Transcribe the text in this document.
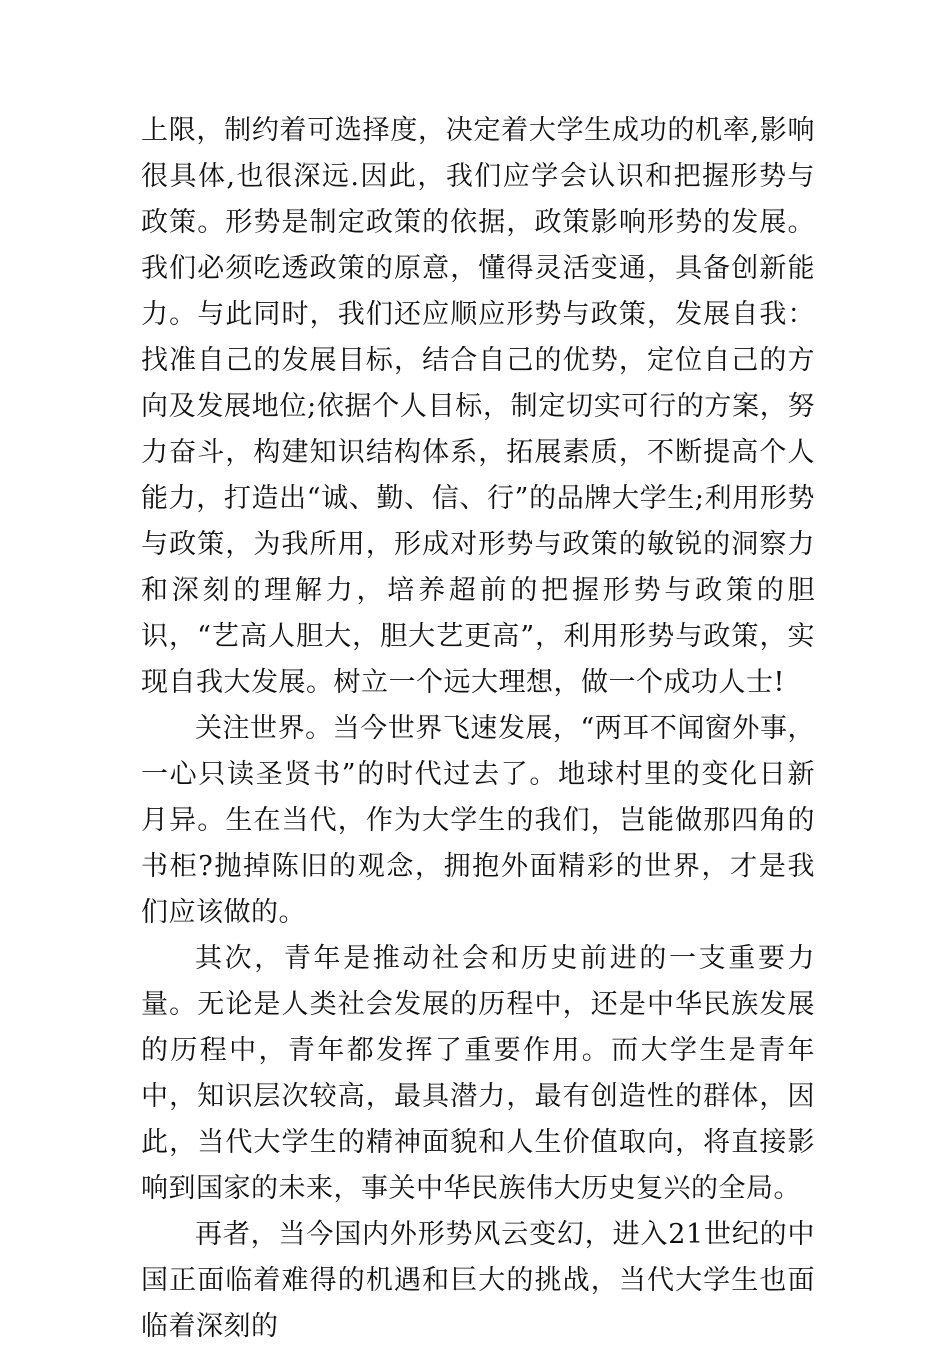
上限，制约着可选择度，决定着大学生成功的机率,影响很具体,也很深远.因此，我们应学会认识和把握形势与政策。形势是制定政策的依据，政策影响形势的发展。我们必须吃透政策的原意，懂得灵活变通，具备创新能力。与此同时，我们还应顺应形势与政策，发展自我：找准自己的发展目标，结合自己的优势，定位自己的方向及发展地位;依据个人目标，制定切实可行的方案，努力奋斗，构建知识结构体系，拓展素质，不断提高个人能力，打造出“诚、勤、信、行”的品牌大学生;利用形势与政策，为我所用，形成对形势与政策的敏锐的洞察力和深刻的理解力，培养超前的把握形势与政策的胆识，“艺高人胆大，胆大艺更高”，利用形势与政策，实现自我大发展。树立一个远大理想，做一个成功人士!

关注世界。当今世界飞速发展，“两耳不闻窗外事，一心只读圣贤书”的时代过去了。地球村里的变化日新月异。生在当代，作为大学生的我们，岂能做那四角的书柜?抛掉陈旧的观念，拥抱外面精彩的世界，才是我们应该做的。

其次，青年是推动社会和历史前进的一支重要力量。无论是人类社会发展的历程中，还是中华民族发展的历程中，青年都发挥了重要作用。而大学生是青年中，知识层次较高，最具潜力，最有创造性的群体，因此，当代大学生的精神面貌和人生价值取向，将直接影响到国家的未来，事关中华民族伟大历史复兴的全局。

再者，当今国内外形势风云变幻，进入21世纪的中国正面临着难得的机遇和巨大的挑战，当代大学生也面临着深刻的
